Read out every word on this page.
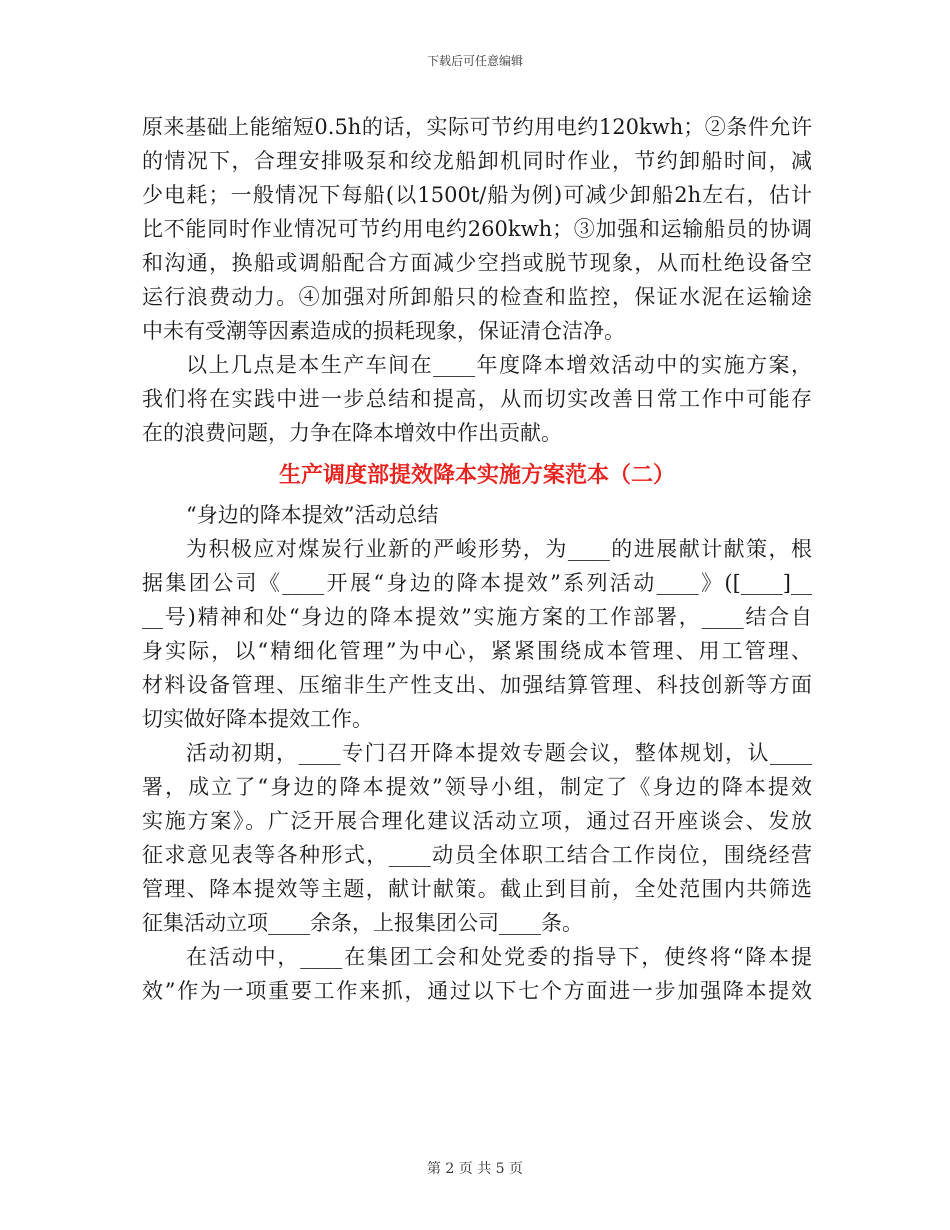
下载后可任意编辑
原来基础上能缩短0.5h的话，实际可节约用电约120kwh；②条件允许
的情况下，合理安排吸泵和绞龙船卸机同时作业，节约卸船时间，减
少电耗；一般情况下每船(以1500t/船为例)可减少卸船2h左右，估计
比不能同时作业情况可节约用电约260kwh；③加强和运输船员的协调
和沟通，换船或调船配合方面减少空挡或脱节现象，从而杜绝设备空
运行浪费动力。④加强对所卸船只的检查和监控，保证水泥在运输途
中未有受潮等因素造成的损耗现象，保证清仓洁净。
以上几点是本生产车间在____年度降本增效活动中的实施方案，
我们将在实践中进一步总结和提高，从而切实改善日常工作中可能存
在的浪费问题，力争在降本增效中作出贡献。
生产调度部提效降本实施方案范本（二）
“身边的降本提效”活动总结
为积极应对煤炭行业新的严峻形势，为____的进展献计献策，根
据集团公司《____开展“身边的降本提效”系列活动____》([____]__
__号)精神和处“身边的降本提效”实施方案的工作部署，____结合自
身实际，以“精细化管理”为中心，紧紧围绕成本管理、用工管理、
材料设备管理、压缩非生产性支出、加强结算管理、科技创新等方面
切实做好降本提效工作。
活动初期，____专门召开降本提效专题会议，整体规划，认____
署，成立了“身边的降本提效”领导小组，制定了《身边的降本提效
实施方案》。广泛开展合理化建议活动立项，通过召开座谈会、发放
征求意见表等各种形式，____动员全体职工结合工作岗位，围绕经营
管理、降本提效等主题，献计献策。截止到目前，全处范围内共筛选
征集活动立项____余条，上报集团公司____条。
在活动中，____在集团工会和处党委的指导下，使终将“降本提
效”作为一项重要工作来抓，通过以下七个方面进一步加强降本提效
第 2 页 共 5 页
